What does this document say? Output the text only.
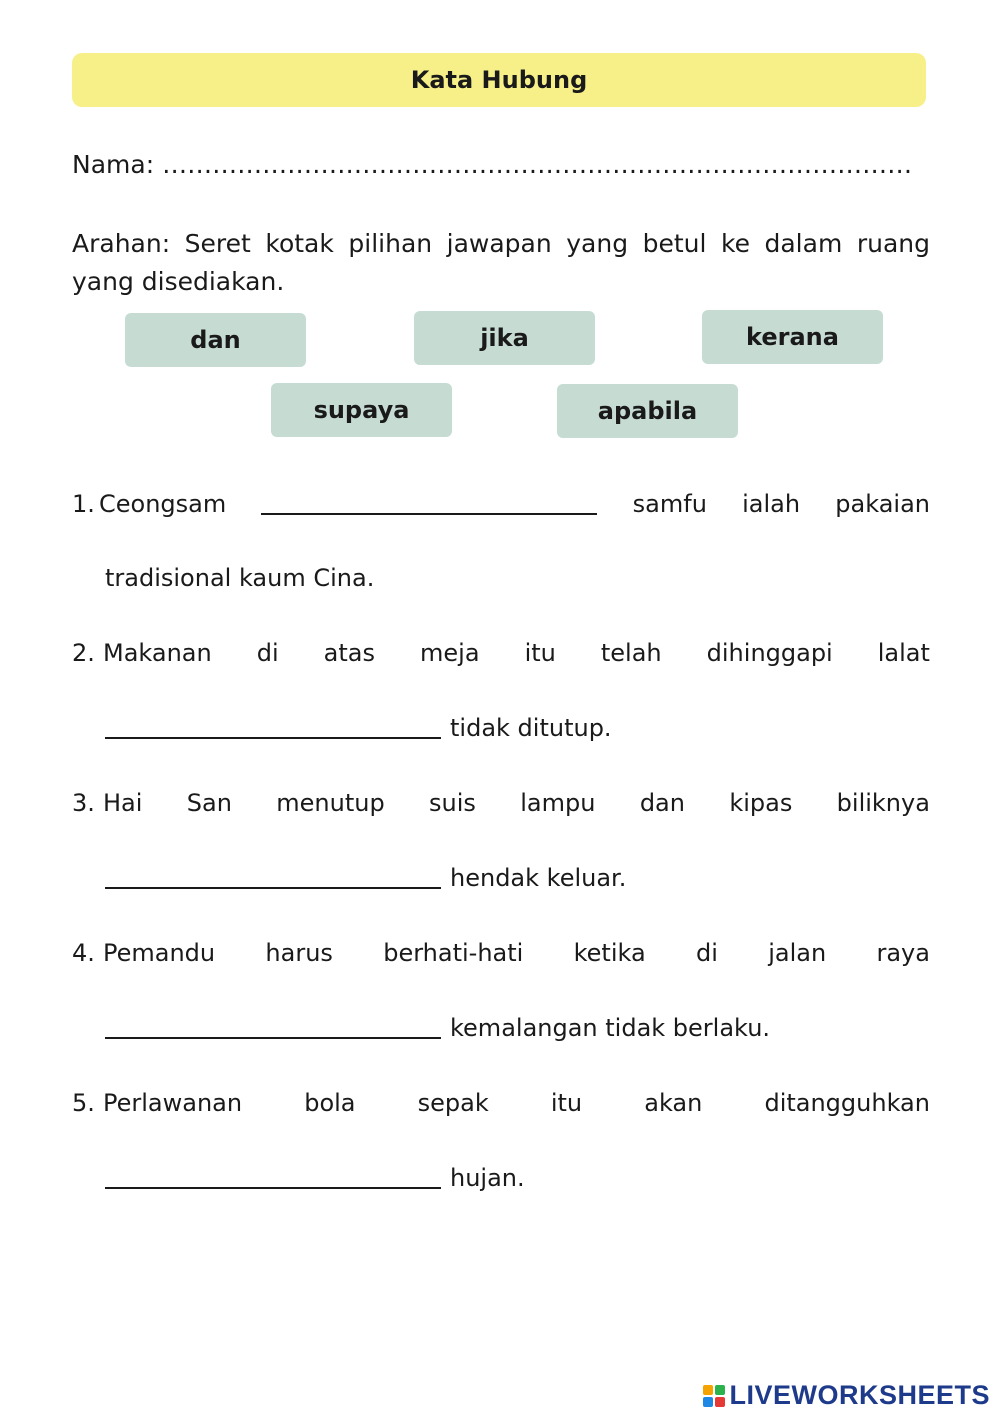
Kata Hubung
Nama: ………………………………………………………………………………
Arahan: Seret kotak pilihan jawapan yang betul ke dalam ruang yang disediakan.
dan	jika	kerana
supaya	apabila
1. Ceongsam	samfu ialah pakaian
tradisional kaum Cina.
2. Makanan di atas meja itu telah dihinggapi lalat
tidak ditutup.
3. Hai San menutup suis lampu dan kipas biliknya
hendak keluar.
4. Pemandu harus berhati-hati ketika di jalan raya
kemalangan tidak berlaku.
5. Perlawanan	bola	sepak	itu	akan	ditangguhkan
hujan.
LIVEWORKSHEETS
